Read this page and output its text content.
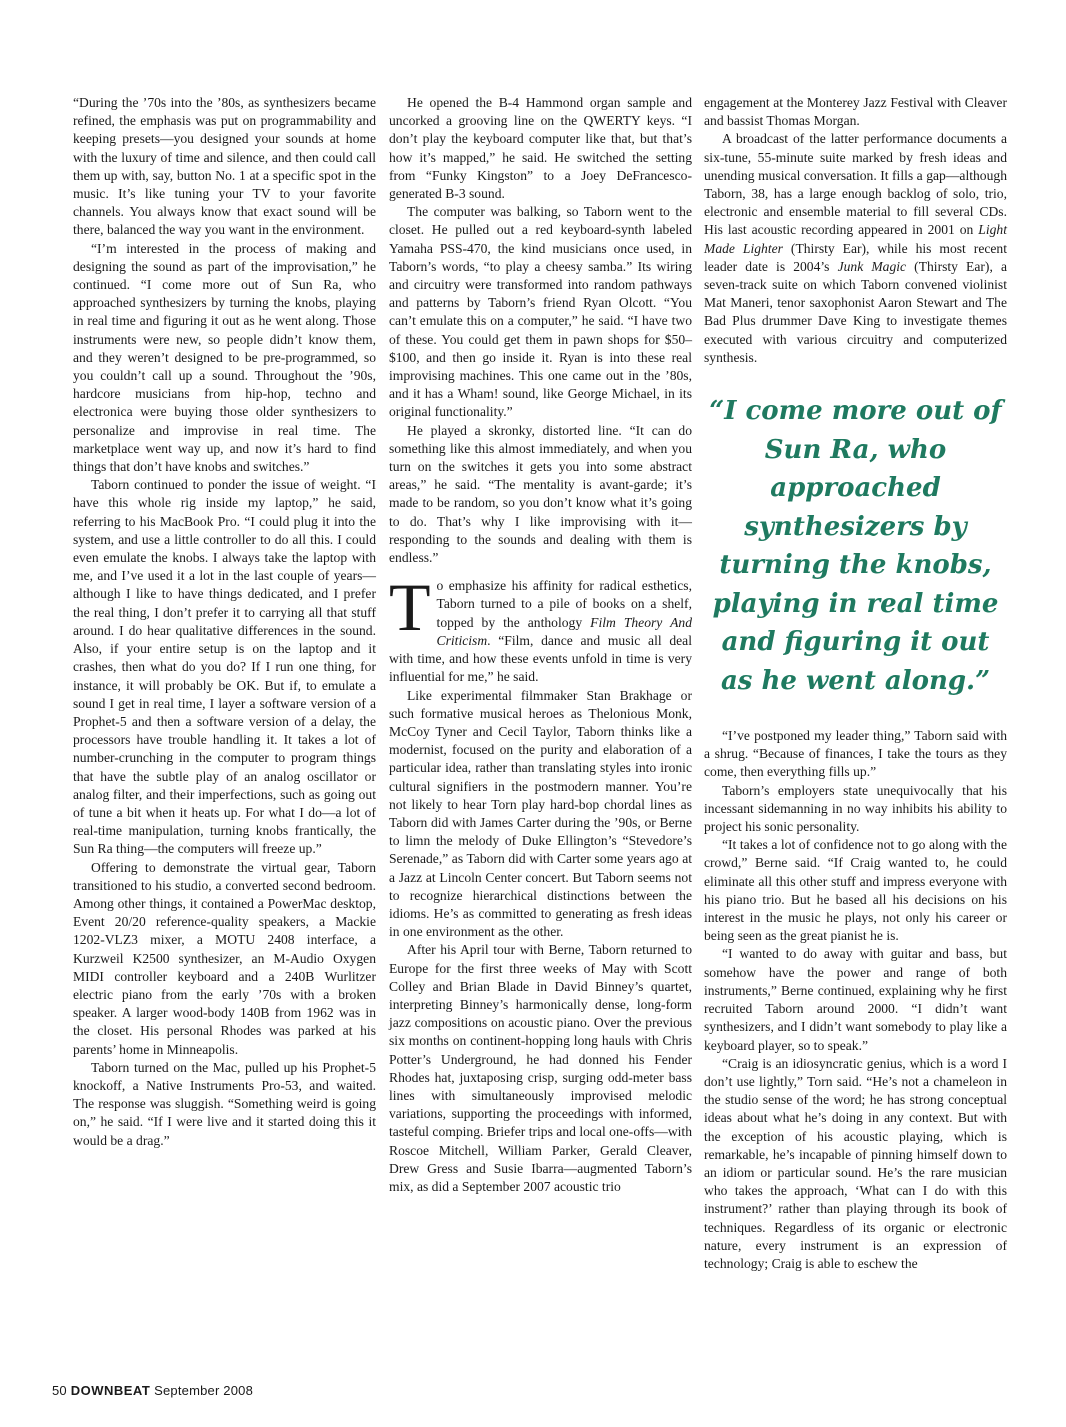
“During the ’70s into the ’80s, as synthesizers became refined, the emphasis was put on programmability and keeping presets—you designed your sounds at home with the luxury of time and silence, and then could call them up with, say, button No. 1 at a specific spot in the music. It’s like tuning your TV to your favorite channels. You always know that exact sound will be there, balanced the way you want in the environment.

“I’m interested in the process of making and designing the sound as part of the improvisation,” he continued. “I come more out of Sun Ra, who approached synthesizers by turning the knobs, playing in real time and figuring it out as he went along. Those instruments were new, so people didn’t know them, and they weren’t designed to be pre-programmed, so you couldn’t call up a sound. Throughout the ’90s, hardcore musicians from hip-hop, techno and electronica were buying those older synthesizers to personalize and improvise in real time. The marketplace went way up, and now it’s hard to find things that don’t have knobs and switches.”

Taborn continued to ponder the issue of weight. “I have this whole rig inside my laptop,” he said, referring to his MacBook Pro. “I could plug it into the system, and use a little controller to do all this. I could even emulate the knobs. I always take the laptop with me, and I’ve used it a lot in the last couple of years—although I like to have things dedicated, and I prefer the real thing, I don’t prefer it to carrying all that stuff around. I do hear qualitative differences in the sound. Also, if your entire setup is on the laptop and it crashes, then what do you do? If I run one thing, for instance, it will probably be OK. But if, to emulate a sound I get in real time, I layer a software version of a Prophet-5 and then a software version of a delay, the processors have trouble handling it. It takes a lot of number-crunching in the computer to program things that have the subtle play of an analog oscillator or analog filter, and their imperfections, such as going out of tune a bit when it heats up. For what I do—a lot of real-time manipulation, turning knobs frantically, the Sun Ra thing—the computers will freeze up.”

Offering to demonstrate the virtual gear, Taborn transitioned to his studio, a converted second bedroom. Among other things, it contained a PowerMac desktop, Event 20/20 reference-quality speakers, a Mackie 1202-VLZ3 mixer, a MOTU 2408 interface, a Kurzweil K2500 synthesizer, an M-Audio Oxygen MIDI controller keyboard and a 240B Wurlitzer electric piano from the early ’70s with a broken speaker. A larger wood-body 140B from 1962 was in the closet. His personal Rhodes was parked at his parents’ home in Minneapolis.

Taborn turned on the Mac, pulled up his Prophet-5 knockoff, a Native Instruments Pro-53, and waited. The response was sluggish. “Something weird is going on,” he said. “If I were live and it started doing this it would be a drag.”

He opened the B-4 Hammond organ sample and uncorked a grooving line on the QWERTY keys. “I don’t play the keyboard computer like that, but that’s how it’s mapped,” he said. He switched the setting from “Funky Kingston” to a Joey DeFrancesco-generated B-3 sound.

The computer was balking, so Taborn went to the closet. He pulled out a red keyboard-synth labeled Yamaha PSS-470, the kind musicians once used, in Taborn’s words, “to play a cheesy samba.” Its wiring and circuitry were transformed into random pathways and patterns by Taborn’s friend Ryan Olcott. “You can’t emulate this on a computer,” he said. “I have two of these. You could get them in pawn shops for $50–$100, and then go inside it. Ryan is into these real improvising machines. This one came out in the ’80s, and it has a Wham! sound, like George Michael, in its original functionality.”

He played a skronky, distorted line. “It can do something like this almost immediately, and when you turn on the switches it gets you into some abstract areas,” he said. “The mentality is avant-garde; it’s made to be random, so you don’t know what it’s going to do. That’s why I like improvising with it—responding to the sounds and dealing with them is endless.”

To emphasize his affinity for radical esthetics, Taborn turned to a pile of books on a shelf, topped by the anthology Film Theory And Criticism. “Film, dance and music all deal with time, and how these events unfold in time is very influential for me,” he said.

Like experimental filmmaker Stan Brakhage or such formative musical heroes as Thelonious Monk, McCoy Tyner and Cecil Taylor, Taborn thinks like a modernist, focused on the purity and elaboration of a particular idea, rather than translating styles into ironic cultural signifiers in the postmodern manner. You’re not likely to hear Torn play hard-bop chordal lines as Taborn did with James Carter during the ’90s, or Berne to limn the melody of Duke Ellington’s “Stevedore’s Serenade,” as Taborn did with Carter some years ago at a Jazz at Lincoln Center concert. But Taborn seems not to recognize hierarchical distinctions between the idioms. He’s as committed to generating as fresh ideas in one environment as the other.

After his April tour with Berne, Taborn returned to Europe for the first three weeks of May with Scott Colley and Brian Blade in David Binney’s quartet, interpreting Binney’s harmonically dense, long-form jazz compositions on acoustic piano. Over the previous six months on continent-hopping long hauls with Chris Potter’s Underground, he had donned his Fender Rhodes hat, juxtaposing crisp, surging odd-meter bass lines with simultaneously improvised melodic variations, supporting the proceedings with informed, tasteful comping. Briefer trips and local one-offs—with Roscoe Mitchell, William Parker, Gerald Cleaver, Drew Gress and Susie Ibarra—augmented Taborn’s mix, as did a September 2007 acoustic trio

engagement at the Monterey Jazz Festival with Cleaver and bassist Thomas Morgan.

A broadcast of the latter performance documents a six-tune, 55-minute suite marked by fresh ideas and unending musical conversation. It fills a gap—although Taborn, 38, has a large enough backlog of solo, trio, electronic and ensemble material to fill several CDs. His last acoustic recording appeared in 2001 on Light Made Lighter (Thirsty Ear), while his most recent leader date is 2004’s Junk Magic (Thirsty Ear), a seven-track suite on which Taborn convened violinist Mat Maneri, tenor saxophonist Aaron Stewart and The Bad Plus drummer Dave King to investigate themes executed with various circuitry and computerized synthesis.

“I come more out of Sun Ra, who approached synthesizers by turning the knobs, playing in real time and figuring it out as he went along.”

“I’ve postponed my leader thing,” Taborn said with a shrug. “Because of finances, I take the tours as they come, then everything fills up.”

Taborn’s employers state unequivocally that his incessant sidemanning in no way inhibits his ability to project his sonic personality.

“It takes a lot of confidence not to go along with the crowd,” Berne said. “If Craig wanted to, he could eliminate all this other stuff and impress everyone with his piano trio. But he based all his decisions on his interest in the music he plays, not only his career or being seen as the great pianist he is.

“I wanted to do away with guitar and bass, but somehow have the power and range of both instruments,” Berne continued, explaining why he first recruited Taborn around 2000. “I didn’t want synthesizers, and I didn’t want somebody to play like a keyboard player, so to speak.”

“Craig is an idiosyncratic genius, which is a word I don’t use lightly,” Torn said. “He’s not a chameleon in the studio sense of the word; he has strong conceptual ideas about what he’s doing in any context. But with the exception of his acoustic playing, which is remarkable, he’s incapable of pinning himself down to an idiom or particular sound. He’s the rare musician who takes the approach, ‘What can I do with this instrument?’ rather than playing through its book of techniques. Regardless of its organic or electronic nature, every instrument is an expression of technology; Craig is able to eschew the

50 DOWNBEAT September 2008
